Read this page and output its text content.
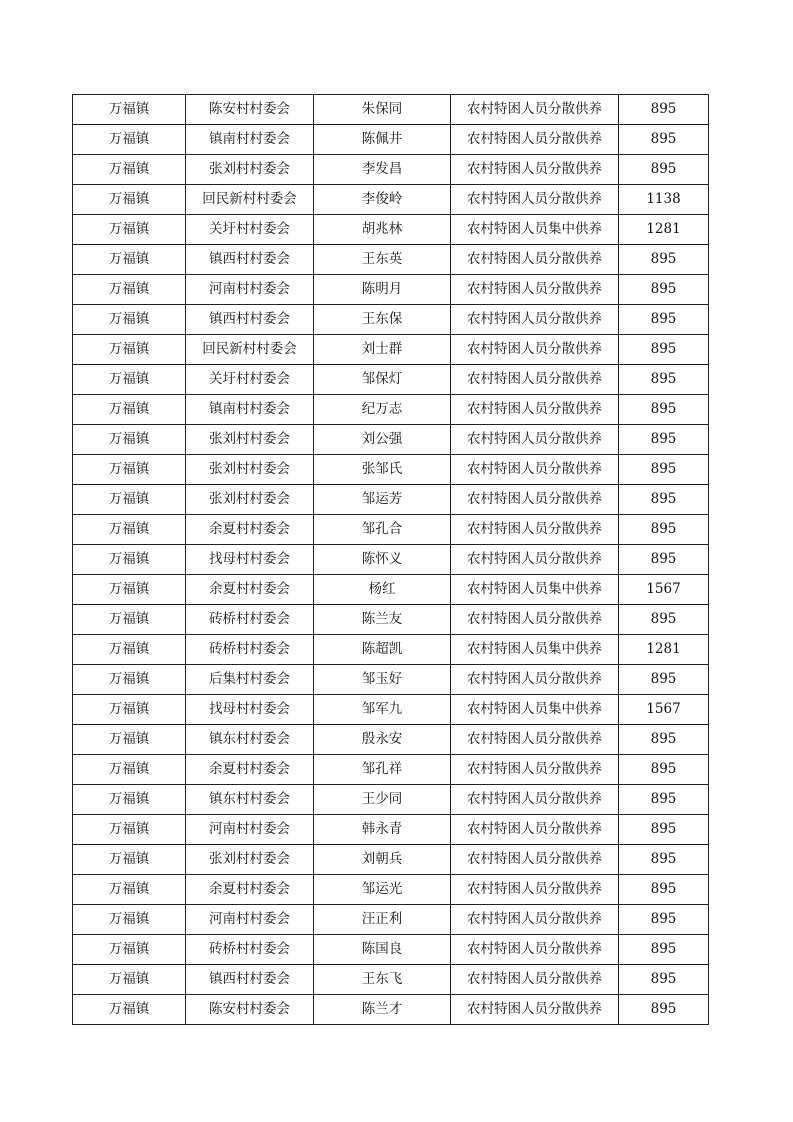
万福镇	陈安村村委会	朱保同	农村特困人员分散供养	895
万福镇	镇南村村委会	陈佩井	农村特困人员分散供养	895
万福镇	张刘村村委会	李发昌	农村特困人员分散供养	895
万福镇	回民新村村委会	李俊岭	农村特困人员分散供养	1138
万福镇	关圩村村委会	胡兆林	农村特困人员集中供养	1281
万福镇	镇西村村委会	王东英	农村特困人员分散供养	895
万福镇	河南村村委会	陈明月	农村特困人员分散供养	895
万福镇	镇西村村委会	王东保	农村特困人员分散供养	895
万福镇	回民新村村委会	刘士群	农村特困人员分散供养	895
万福镇	关圩村村委会	邹保灯	农村特困人员分散供养	895
万福镇	镇南村村委会	纪万志	农村特困人员分散供养	895
万福镇	张刘村村委会	刘公强	农村特困人员分散供养	895
万福镇	张刘村村委会	张邹氏	农村特困人员分散供养	895
万福镇	张刘村村委会	邹运芳	农村特困人员分散供养	895
万福镇	余夏村村委会	邹孔合	农村特困人员分散供养	895
万福镇	找母村村委会	陈怀义	农村特困人员分散供养	895
万福镇	余夏村村委会	杨红	农村特困人员集中供养	1567
万福镇	砖桥村村委会	陈兰友	农村特困人员分散供养	895
万福镇	砖桥村村委会	陈超凯	农村特困人员集中供养	1281
万福镇	后集村村委会	邹玉好	农村特困人员分散供养	895
万福镇	找母村村委会	邹军九	农村特困人员集中供养	1567
万福镇	镇东村村委会	殷永安	农村特困人员分散供养	895
万福镇	余夏村村委会	邹孔祥	农村特困人员分散供养	895
万福镇	镇东村村委会	王少同	农村特困人员分散供养	895
万福镇	河南村村委会	韩永青	农村特困人员分散供养	895
万福镇	张刘村村委会	刘朝兵	农村特困人员分散供养	895
万福镇	余夏村村委会	邹运光	农村特困人员分散供养	895
万福镇	河南村村委会	汪正利	农村特困人员分散供养	895
万福镇	砖桥村村委会	陈国良	农村特困人员分散供养	895
万福镇	镇西村村委会	王东飞	农村特困人员分散供养	895
万福镇	陈安村村委会	陈兰才	农村特困人员分散供养	895
